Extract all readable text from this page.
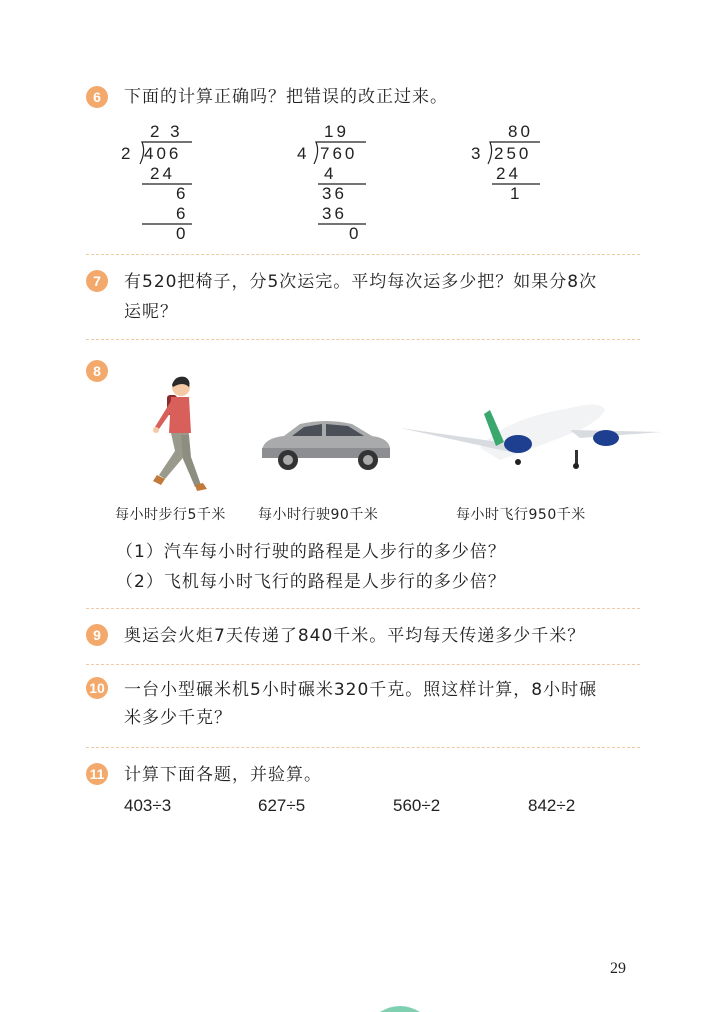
6	下面的计算正确吗？把错误的改正过来。
2 3
2 406
24
6
6
0
19
4 760
4
36
36
0
80
3 250
24
1
7	有520把椅子，分5次运完。平均每次运多少把？如果分8次
运呢？
8
每小时步行5千米 每小时行驶90千米	每小时飞行950千米
（1）汽车每小时行驶的路程是人步行的多少倍？
（2）飞机每小时飞行的路程是人步行的多少倍？
9	奥运会火炬7天传递了840千米。平均每天传递多少千米？
10 一台小型碾米机5小时碾米320千克。照这样计算，8小时碾
米多少千克？
11 计算下面各题，并验算。
403÷3	627÷5	560÷2	842÷2
29
